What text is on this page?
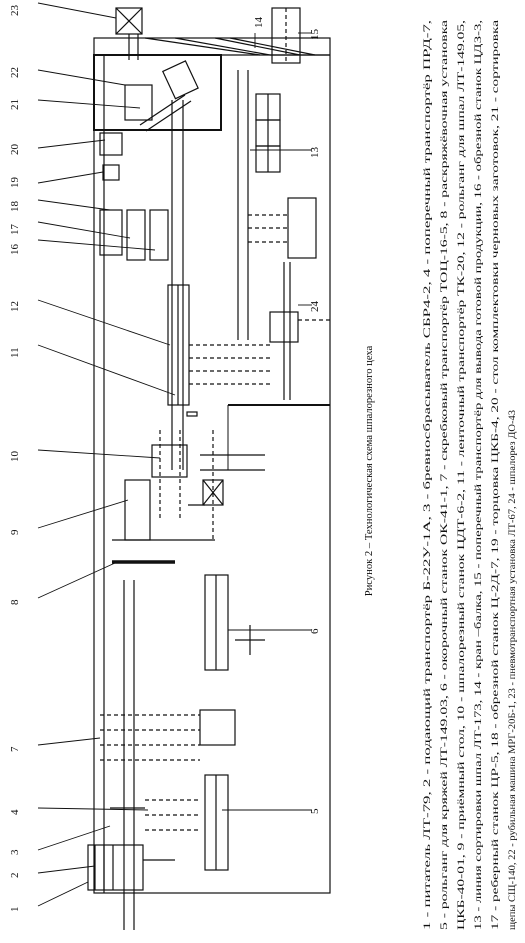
23
22
21
20
19
18
17
16
12
11
10
9
8
7
4
3
2
1
14
15
13
24
6
5
Рисунок 2 – Технологическая схема шпалорезного цеха	1 - питатель ЛТ-79, 2 - подающий транспортёр Б-22У-1А, 3 - бревносбрасыватель СБР4-2, 4 - поперечный транспортёр ПРД-7, 5 - рольганг для кряжей ЛТ-149.03, 6 - окорочный станок ОК-41-1, 7 - скребковый транспортёр ТОЦ-16-5, 8 - раскряжёвочная установка ЦКБ-40-01, 9 - приёмный стол, 10 - шпалорезный станок ЦДТ-6-2, 11 - ленточный транспортёр ТК-20, 12 - рольганг для шпал ЛТ-149.05, 13 - линия сортировки шпал ЛТ-173, 14 - кран –балка, 15 - поперечный транспортёр для вывода готовой продукции, 16 - обрезной станок ЦДЗ-3, 17 - реберный станок ЦР-5, 18 - обрезной станок Ц-2Д-7, 19 - торцовка ЦКБ-4, 20 - стол комплектовки черновых заготовок, 21 - сортировка щепы СЩ-140, 22 - рубильная машина МРГ-20Б-1, 23 - пневмотранспортная установка ЛТ-67, 24 - шпалорез ДО-43
